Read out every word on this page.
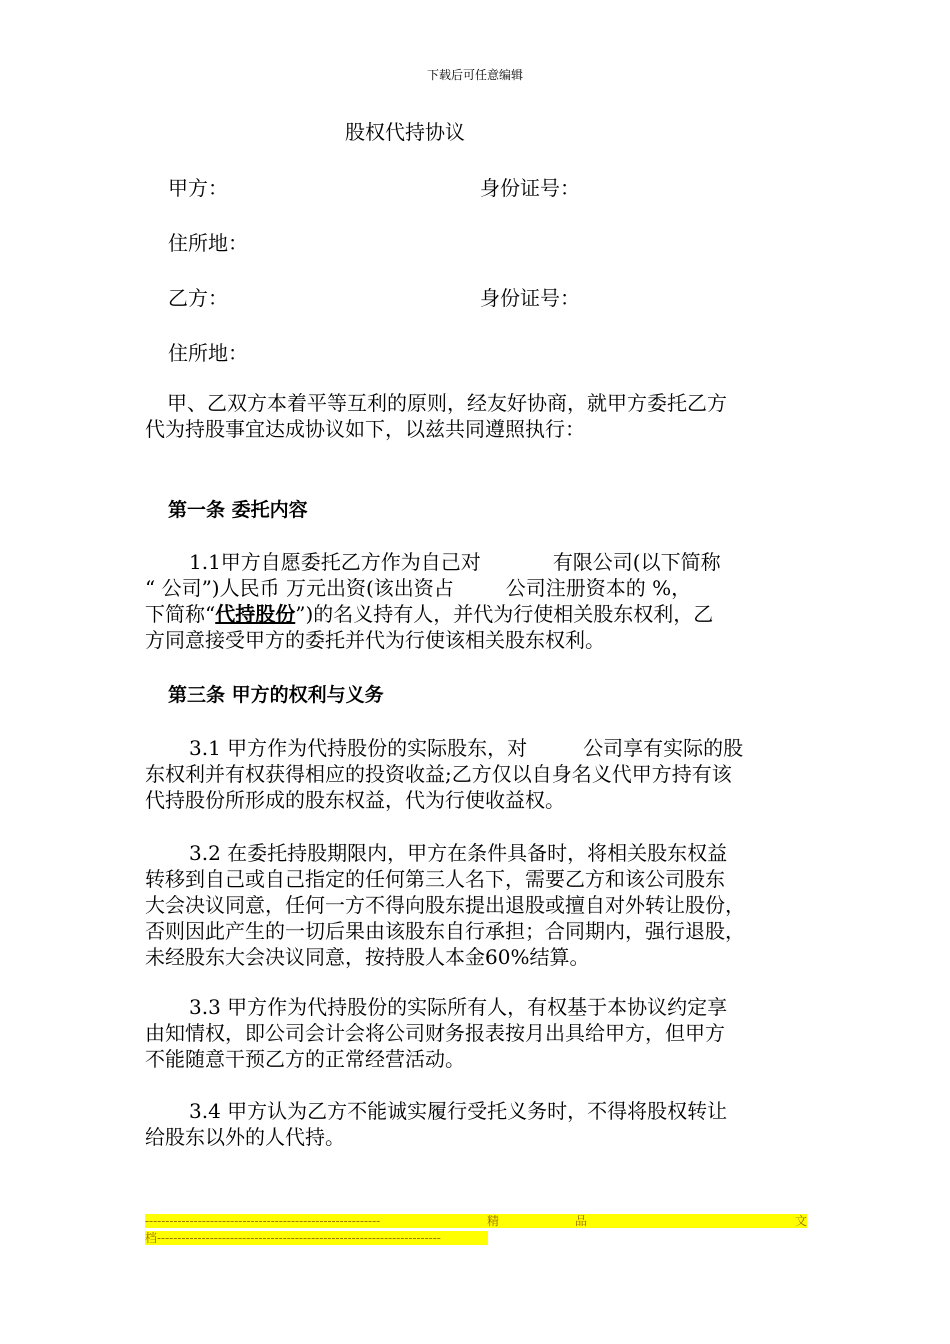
下载后可任意编辑
股权代持协议
甲方：	身份证号：
住所地：
乙方：	身份证号：
住所地：
甲、乙双方本着平等互利的原则，经友好协商，就甲方委托乙方
代为持股事宜达成协议如下，以兹共同遵照执行：
第一条 委托内容
1.1甲方自愿委托乙方作为自己对	有限公司(以下简称
“ 公司”)人民币 万元出资(该出资占	公司注册资本的 %，
下简称“代持股份”)的名义持有人，并代为行使相关股东权利，乙
方同意接受甲方的委托并代为行使该相关股东权利。
第三条 甲方的权利与义务
3.1 甲方作为代持股份的实际股东，对	公司享有实际的股
东权利并有权获得相应的投资收益;乙方仅以自身名义代甲方持有该
代持股份所形成的股东权益，代为行使收益权。
3.2 在委托持股期限内，甲方在条件具备时，将相关股东权益
转移到自己或自己指定的任何第三人名下，需要乙方和该公司股东
大会决议同意，任何一方不得向股东提出退股或擅自对外转让股份，
否则因此产生的一切后果由该股东自行承担；合同期内，强行退股，
未经股东大会决议同意，按持股人本金60%结算。
3.3 甲方作为代持股份的实际所有人，有权基于本协议约定享
由知情权，即公司会计会将公司财务报表按月出具给甲方，但甲方
不能随意干预乙方的正常经营活动。
3.4 甲方认为乙方不能诚实履行受托义务时，不得将股权转让
给股东以外的人代持。
----------------------------------------------------------	精	品	文
档----------------------------------------------------------------------
